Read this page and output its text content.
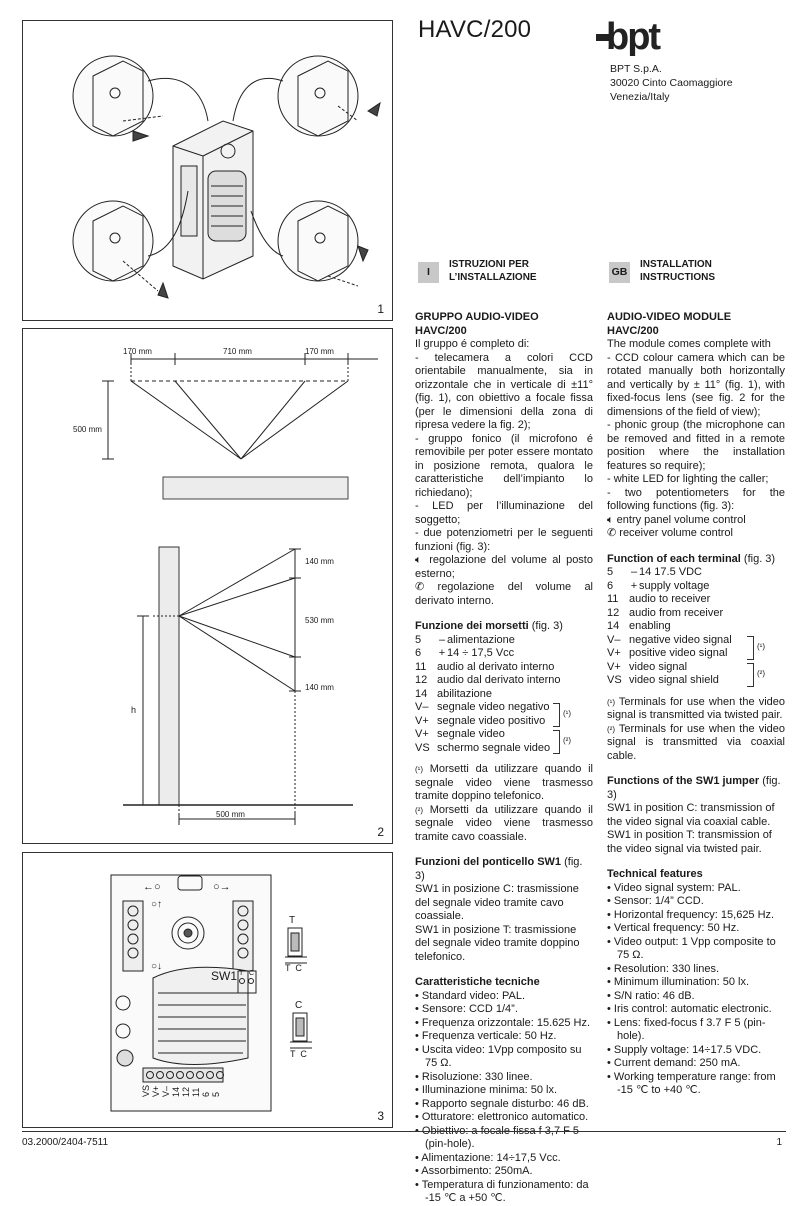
1
170 mm	710 mm	170 mm
500 mm
140 mm
530 mm
140 mm
h
500 mm
2
←○	○→
○↑
○↓
SW1
T
T  C
C
T  C
T C
VS V+ V– 14 12 11 6 5
3
HAVC/200 bpt
BPT S.p.A.
30020 Cinto Caomaggiore
Venezia/Italy
I
ISTRUZIONI PER
L’INSTALLAZIONE	GB
INSTALLATION
INSTRUCTIONS
GRUPPO AUDIO-VIDEO HAVC/200

Il gruppo é completo di:

- telecamera a colori CCD orientabile manualmente, sia in orizzontale che in verticale di ±11° (fig. 1), con obiettivo a focale fissa (per le dimensioni della zona di ripresa vedere la fig. 2);

- gruppo fonico (il microfono é removibile per poter essere montato in posizione remota, qualora le caratteristiche dell’impianto lo richiedano);

- LED per l’illuminazione del soggetto;

- due potenziometri per le seguenti funzioni (fig. 3):

🔈︎ regolazione del volume al posto esterno;

✆ regolazione del volume al derivato interno.

Funzione dei morsetti (fig. 3)

5	– alimentazione
6	+ 14 ÷ 17,5 Vcc
11 audio al derivato interno
12 audio dal derivato interno
14 abilitazione
V– segnale video negativo
V+ segnale video positivo
V+ segnale video
VS schermo segnale video
(¹)
(²)

(¹) Morsetti da utilizzare quando il segnale video viene trasmesso tramite doppino telefonico.

(²) Morsetti da utilizzare quando il segnale video viene trasmesso tramite cavo coassiale.

Funzioni del ponticello SW1 (fig. 3)

SW1 in posizione C: trasmissione del segnale video tramite cavo coassiale.

SW1 in posizione T: trasmissione del segnale video tramite doppino telefonico.

Caratteristiche tecniche
• Standard video: PAL.
• Sensore: CCD 1/4”.
• Frequenza orizzontale: 15.625 Hz.
• Frequenza verticale: 50 Hz.
• Uscita video: 1Vpp composito su 75 Ω.
• Risoluzione: 330 linee.
• Illuminazione minima: 50 lx.
• Rapporto segnale disturbo: 46 dB.
• Otturatore: elettronico automatico.
• Obiettivo: a focale fissa f 3,7 F 5 (pin-hole).
• Alimentazione: 14÷17,5 Vcc.
• Assorbimento: 250mA.
• Temperatura di funzionamento: da -15 ℃ a +50 ℃.
AUDIO-VIDEO MODULE HAVC/200

The module comes complete with

- CCD colour camera which can be rotated manually both horizontally and vertically by ± 11° (fig. 1), with fixed-focus lens (see fig. 2 for the dimensions of the field of view);

- phonic group (the microphone can be removed and fitted in a remote position where the installation features so require);

- white LED for lighting the caller;

- two potentiometers for the following functions (fig. 3):

🔈︎ entry panel volume control

✆ receiver volume control

Function of each terminal (fig. 3)

5	– 14 17.5 VDC
6	+ supply voltage
11 audio to receiver
12 audio from receiver
14 enabling
V– negative video signal
V+ positive video signal
V+ video signal
VS video signal shield
(¹)
(²)

(¹) Terminals for use when the video signal is transmitted via twisted pair.

(²) Terminals for use when the video signal is transmitted via coaxial cable.

Functions of the SW1 jumper (fig. 3)

SW1 in position C: transmission of the video signal via coaxial cable.

SW1 in position T: transmission of the video signal via twisted pair.

Technical features
• Video signal system: PAL.
• Sensor: 1/4” CCD.
• Horizontal frequency: 15,625 Hz.
• Vertical frequency: 50 Hz.
• Video output: 1 Vpp composite to 75 Ω.
• Resolution: 330 lines.
• Minimum illumination: 50 lx.
• S/N ratio: 46 dB.
• Iris control: automatic electronic.
• Lens: fixed-focus f 3.7 F 5 (pin-hole).
• Supply voltage: 14÷17.5 VDC.
• Current demand: 250 mA.
• Working temperature range: from -15 ℃ to +40 ℃.
03.2000/2404-7511	1
